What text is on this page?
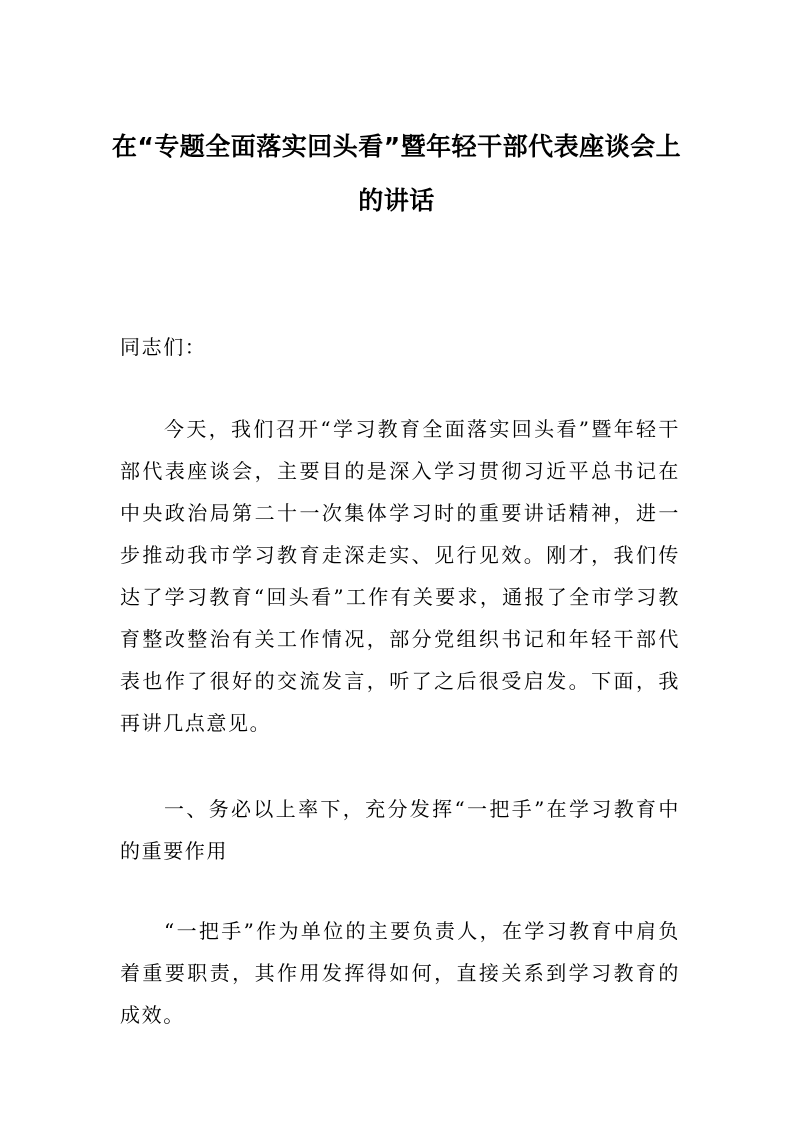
在“专题全面落实回头看”暨年轻干部代表座谈会上的讲话

同志们：

今天，我们召开“学习教育全面落实回头看”暨年轻干部代表座谈会，主要目的是深入学习贯彻习近平总书记在中央政治局第二十一次集体学习时的重要讲话精神，进一步推动我市学习教育走深走实、见行见效。刚才，我们传达了学习教育“回头看”工作有关要求，通报了全市学习教育整改整治有关工作情况，部分党组织书记和年轻干部代表也作了很好的交流发言，听了之后很受启发。下面，我再讲几点意见。

一、务必以上率下，充分发挥“一把手”在学习教育中的重要作用

“一把手”作为单位的主要负责人，在学习教育中肩负着重要职责，其作用发挥得如何，直接关系到学习教育的成效。
